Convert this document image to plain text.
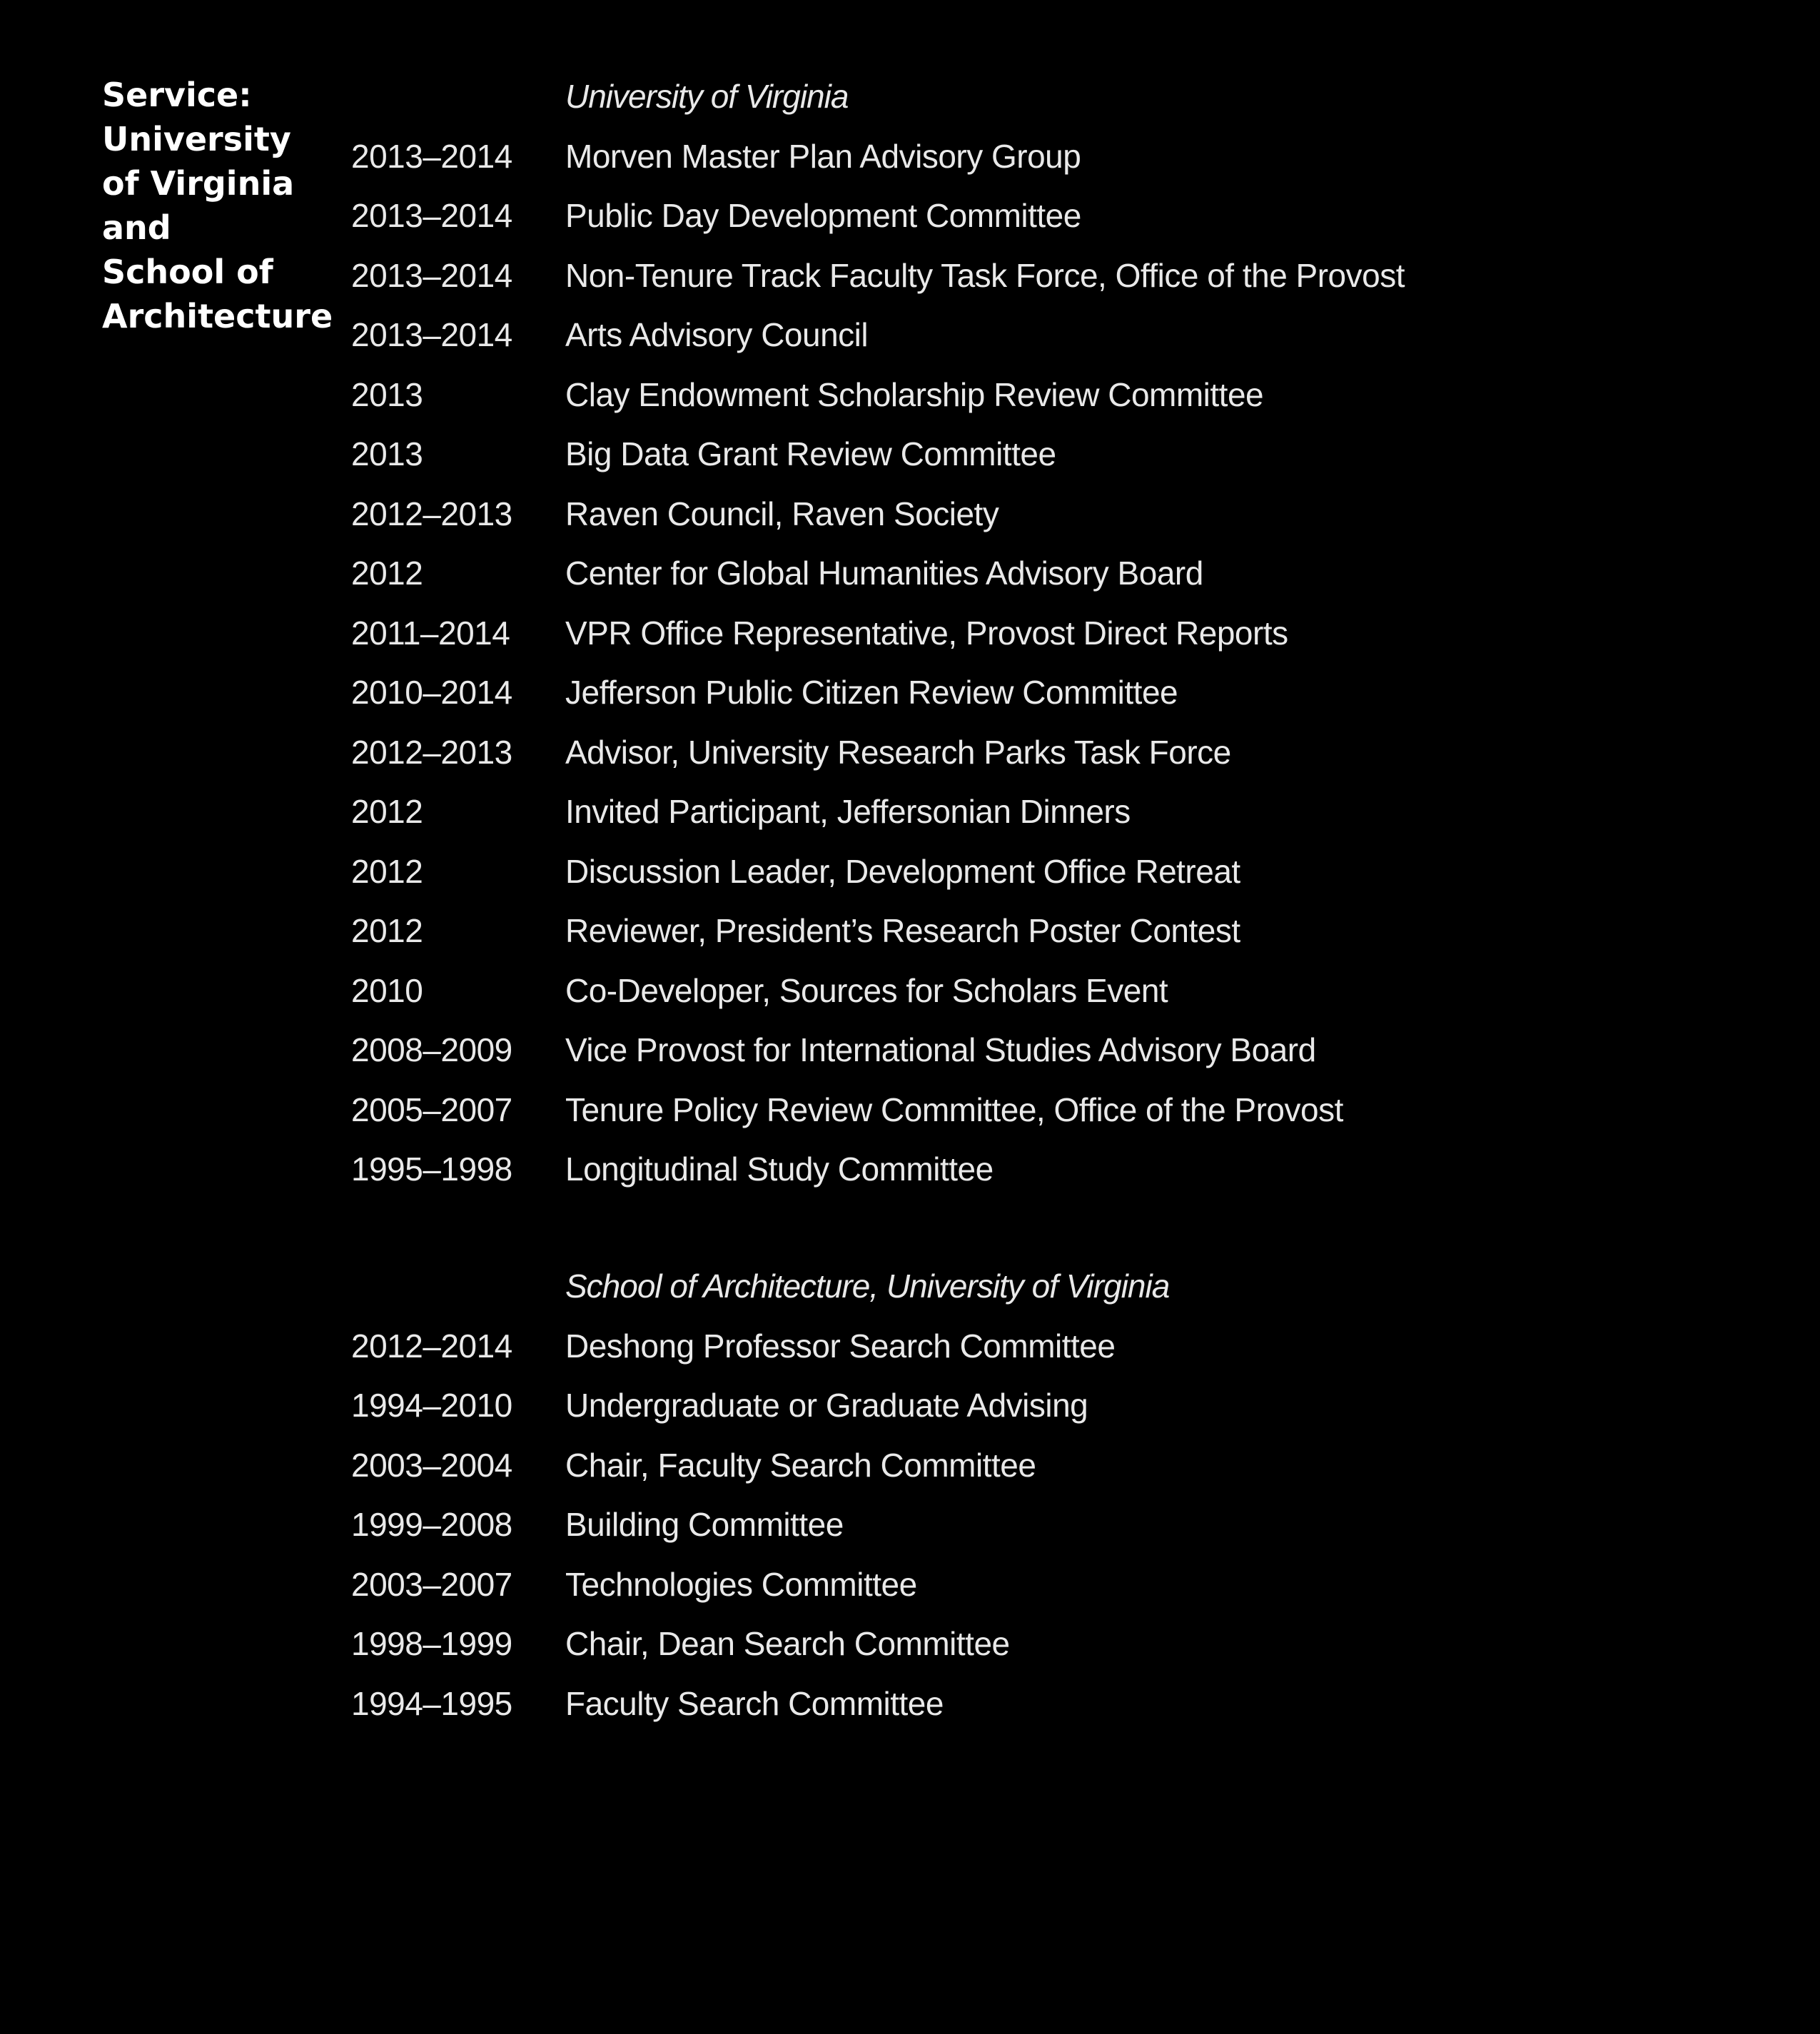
Service:
University
of Virginia
and
School of
Architecture
University of Virginia
2013–2014 Morven Master Plan Advisory Group
2013–2014 Public Day Development Committee
2013–2014 Non-Tenure Track Faculty Task Force, Office of the Provost
2013–2014 Arts Advisory Council
2013	Clay Endowment Scholarship Review Committee
2013	Big Data Grant Review Committee
2012–2013 Raven Council, Raven Society
2012	Center for Global Humanities Advisory Board
2011–2014 VPR Office Representative, Provost Direct Reports
2010–2014 Jefferson Public Citizen Review Committee
2012–2013 Advisor, University Research Parks Task Force
2012	Invited Participant, Jeffersonian Dinners
2012	Discussion Leader, Development Office Retreat
2012	Reviewer, President’s Research Poster Contest
2010	Co-Developer, Sources for Scholars Event
2008–2009 Vice Provost for International Studies Advisory Board
2005–2007 Tenure Policy Review Committee, Office of the Provost
1995–1998 Longitudinal Study Committee
School of Architecture, University of Virginia
2012–2014 Deshong Professor Search Committee
1994–2010 Undergraduate or Graduate Advising
2003–2004 Chair, Faculty Search Committee
1999–2008 Building Committee
2003–2007 Technologies Committee
1998–1999 Chair, Dean Search Committee
1994–1995 Faculty Search Committee
